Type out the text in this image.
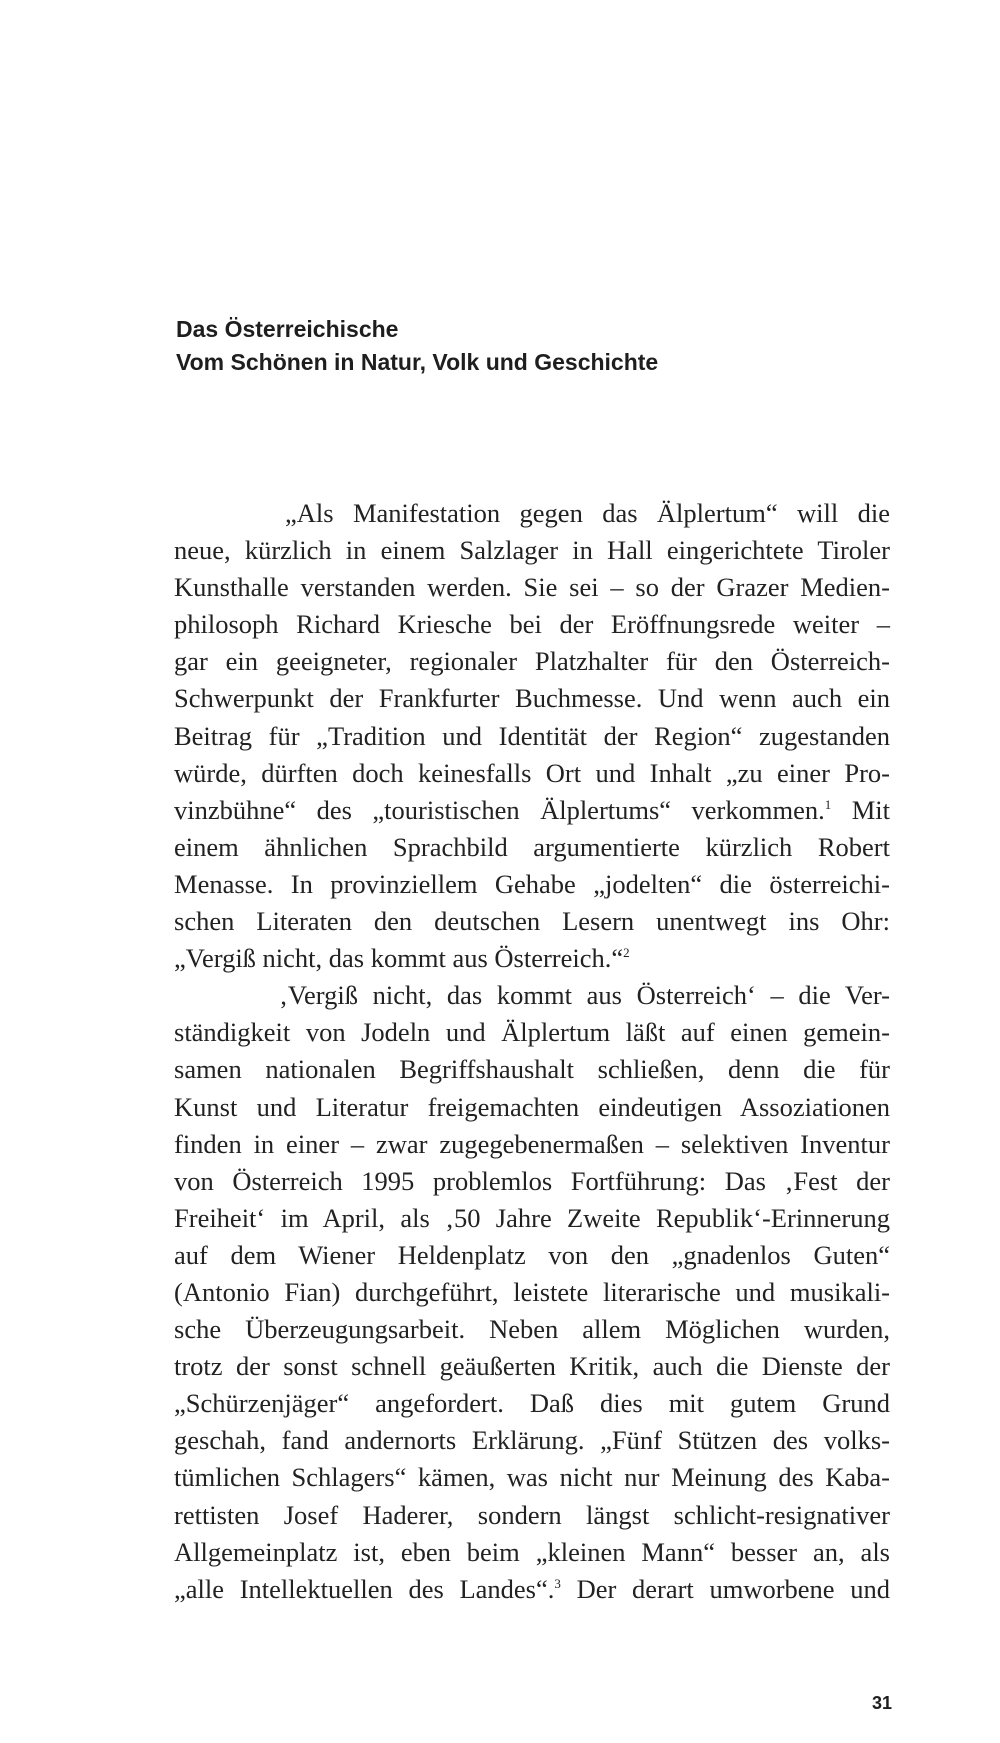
Das Österreichische
Vom Schönen in Natur, Volk und Geschichte
„Als Manifestation gegen das Älplertum“ will die
neue, kürzlich in einem Salzlager in Hall eingerichtete Tiroler
Kunsthalle verstanden werden. Sie sei – so der Grazer Medien-
philosoph Richard Kriesche bei der Eröffnungsrede weiter –
gar ein geeigneter, regionaler Platzhalter für den Österreich-
Schwerpunkt der Frankfurter Buchmesse. Und wenn auch ein
Beitrag für „Tradition und Identität der Region“ zugestanden
würde, dürften doch keinesfalls Ort und Inhalt „zu einer Pro-
vinzbühne“ des „touristischen Älplertums“ verkommen.$^1$ Mit
einem ähnlichen Sprachbild argumentierte kürzlich Robert
Menasse. In provinziellem Gehabe „jodelten“ die österreichi-
schen Literaten den deutschen Lesern unentwegt ins Ohr:
„Vergiß nicht, das kommt aus Österreich.“$^2$
‚Vergiß nicht, das kommt aus Österreich‘ – die Ver-
ständigkeit von Jodeln und Älplertum läßt auf einen gemein-
samen nationalen Begriffshaushalt schließen, denn die für
Kunst und Literatur freigemachten eindeutigen Assoziationen
finden in einer – zwar zugegebenermaßen – selektiven Inventur
von Österreich 1995 problemlos Fortführung: Das ‚Fest der
Freiheit‘ im April, als ‚50 Jahre Zweite Republik‘-Erinnerung
auf dem Wiener Heldenplatz von den „gnadenlos Guten“
(Antonio Fian) durchgeführt, leistete literarische und musikali-
sche Überzeugungsarbeit. Neben allem Möglichen wurden,
trotz der sonst schnell geäußerten Kritik, auch die Dienste der
„Schürzenjäger“ angefordert. Daß dies mit gutem Grund
geschah, fand andernorts Erklärung. „Fünf Stützen des volks-
tümlichen Schlagers“ kämen, was nicht nur Meinung des Kaba-
rettisten Josef Haderer, sondern längst schlicht-resignativer
Allgemeinplatz ist, eben beim „kleinen Mann“ besser an, als
„alle Intellektuellen des Landes“.$^3$ Der derart umworbene und
31
